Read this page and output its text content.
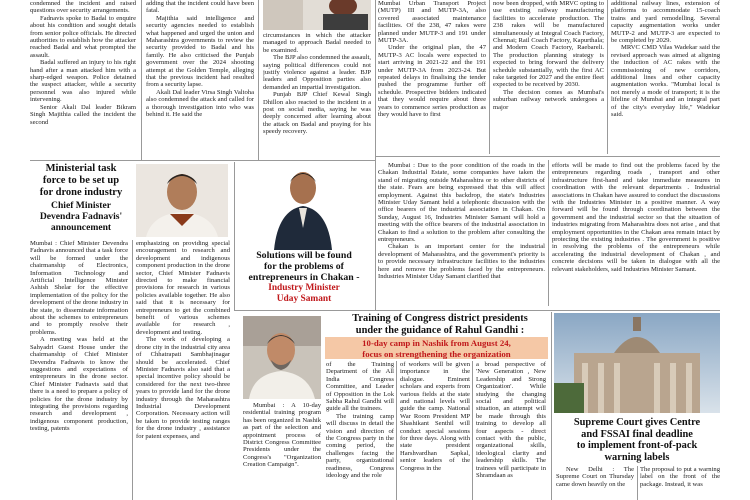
condemned the incident and raised questions over security arrangements.

Fadnavis spoke to Badal to enquire about his condition and sought details from senior police officials. He directed authorities to establish how the attacker reached Badal and what prompted the assault.

Badal suffered an injury to his right hand after a man attacked him with a sharp-edged weapon. Police detained the suspect attacker, while a security personnel was also injured while intervening.

Senior Akali Dal leader Bikram Singh Majithia called the incident the second

adding that the incident could have been fatal.

Majithia said intelligence and security agencies needed to establish what happened and urged the union and Maharashtra governments to review the security provided to Badal and his family. He also criticised the Punjab government over the 2024 shooting attempt at the Golden Temple, alleging that the previous incident had resulted from a security lapse.

Akali Dal leader Virsa Singh Valtoha also condemned the attack and called for a thorough investigation into who was behind it. He said the

circumstances in which the attacker managed to approach Badal needed to be examined.

The BJP also condemned the assault, saying political differences could not justify violence against a leader. BJP leaders and Opposition parties also demanded an impartial investigation.

Punjab BJP Chief Kewal Singh Dhillon also reacted to the incident in a post on social media, saying he was deeply concerned after learning about the attack on Badal and praying for his speedy recovery.

Mumbai Urban Transport Project (MUTP) III and MUTP-3A, also covered associated maintenance facilities. Of the 238, 47 rakes were planned under MUTP-3 and 191 under MUTP-3A.

Under the original plan, the 47 MUTP-3 AC locals were expected to start arriving in 2021-22 and the 191 under MUTP-3A from 2023-24. But repeated delays in finalising the tender pushed the programme further off schedule. Prospective bidders indicated that they would require about three years to commence series production as they would have to first

now been dropped, with MRVC opting to use existing railway manufacturing facilities to accelerate production. The 238 rakes will be manufactured simultaneously at Integral Coach Factory, Chennai; Rail Coach Factory, Kapurthala; and Modern Coach Factory, Raebareli. The production planning strategy is expected to bring forward the delivery schedule substantially, with the first AC rake targeted for 2027 and the entire fleet expected to be received by 2030.

The decision comes as Mumbai's suburban railway network undergoes a major

additional railway lines, extension of platforms to accommodate 15-coach trains and yard remodelling. Several capacity augmentation works under MUTP-2 and MUTP-3 are expected to be completed by 2029.

MRVC CMD Vilas Wadekar said the revised approach was aimed at aligning the induction of AC rakes with the commissioning of new corridors, additional lines and other capacity augmentation works. "Mumbai local is not merely a mode of transport; it is the lifeline of Mumbai and an integral part of the city's everyday life," Wadekar said.

Ministerial task
force to be set up
for drone industry
Chief Minister
Devendra Fadnavis'
announcement

Mumbai : Chief Minister Devendra Fadnavis announced that a task force will be formed under the chairmanship of Electronics, Information Technology and Artificial Intelligence Minister Ashish Shelar for the effective implementation of the policy for the development of the drone industry in the state, to disseminate information about the schemes to entrepreneurs and to promptly resolve their problems.

A meeting was held at the Sahyadri Guest House under the chairmanship of Chief Minister Devendra Fadnavis to know the suggestions and expectations of entrepreneurs in the drone sector. Chief Minister Fadnavis said that there is a need to prepare a policy of policies for the drone industry by integrating the provisions regarding research and development , indigenous component production, testing, patents

emphasizing on providing special encouragement to research and development and indigenous component production in the drone sector, Chief Minister Fadnavis directed to make financial provisions for research in various policies available together. He also said that it is necessary for entrepreneurs to get the combined benefit of various schemes available for research , development and testing.

The work of developing a drone city in the industrial city area of Chhatrapati Sambhajinagar should be accelerated. Chief Minister Fadnavis also said that a special incentive policy should be considered for the next two-three years to provide land for the drone industry through the Maharashtra Industrial Development Corporation. Necessary action will be taken to provide testing ranges for the drone industry , assistance for patent expenses, and

Solutions will be found
for the problems of
entrepreneurs in Chakan -
Industry Minister
Uday Samant

Mumbai : Due to the poor condition of the roads in the Chakan Industrial Estate, some companies have taken the stand of migrating outside Maharashtra or to other districts of the state. Fears are being expressed that this will affect employment. Against this backdrop, the state's Industries Minister Uday Samant held a telephonic discussion with the office bearers of the industrial association in Chakan. On Sunday, August 16, Industries Minister Samant will hold a meeting with the office bearers of the industrial association in Chakan to find a solution to the problem after consulting the entrepreneurs.

Chakan is an important center for the industrial development of Maharashtra, and the government's priority is to provide necessary infrastructure facilities to the industries here and remove the problems faced by the entrepreneurs. Industries Minister Uday Samant clarified that

efforts will be made to find out the problems faced by the entrepreneurs regarding roads , transport and other infrastructure first-hand and take immediate measures in coordination with the relevant departments . Industrial associations in Chakan have assured to conduct the discussions with the Industries Minister in a positive manner. A way forward will be found through coordination between the government and the industrial sector so that the situation of industries migrating from Maharashtra does not arise , and that employment opportunities in the Chakan area remain intact by protecting the existing industries . The government is positive in resolving the problems of the entrepreneurs while accelerating the industrial development of Chakan , and concrete decisions will be taken in dialogue with all the relevant stakeholders, said Industries Minister Samant.

Training of Congress district presidents
under the guidance of Rahul Gandhi :
10-day camp in Nashik from August 24,
focus on strengthening the organization

Mumbai : A 10-day residential training program has been organized in Nashik as part of the selection and appointment process of District Congress Committee Presidents under the Congress's "Organization Creation Campaign".

of the Training Department of the All India Congress Committee, and Leader of Opposition in the Lok Sabha Rahul Gandhi will guide all the trainees.

The training camp will discuss in detail the vision and direction of the Congress party in the coming period, the challenges facing the party, organizational readiness, Congress ideology and the role

of workers will be given importance in the dialogue. Eminent scholars and experts from various fields at the state and national levels will guide the camp. National War Room President MP Shashikant Senthil will conduct special sessions for three days. Along with state president Harshvardhan Sapkal, senior leaders of the Congress in the

a broad perspective of 'New Generation , New Leadership and Strong Organization'. While studying the changing social and political situation, an attempt will be made through this training to develop all four aspects - direct contact with the public, organizational skills, ideological clarity and leadership skills. The trainees will participate in Shramdaan as

Supreme Court gives Centre
and FSSAI final deadline
to implement front-of-pack
warning labels

New Delhi : The Supreme Court on Thursday came down heavily on the

The proposal to put a warning label on the front of the package. Instead, it was
